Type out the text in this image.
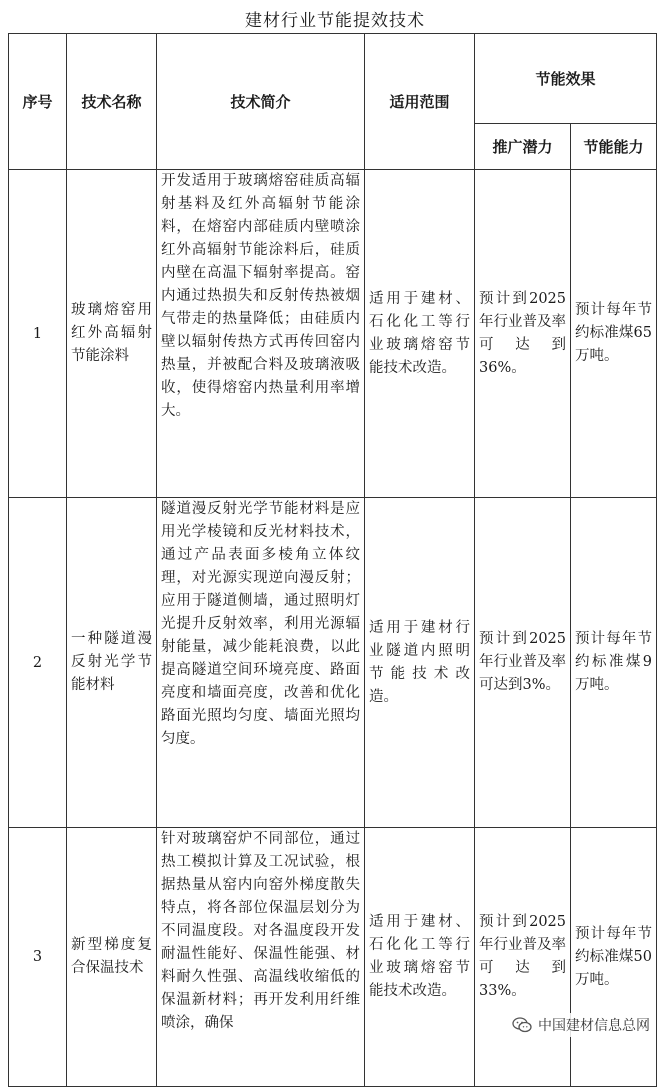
建材行业节能提效技术
序号	技术名称	技术简介	适用范围	节能效果	
				推广潜力	节能能力
1	玻璃熔窑用红外高辐射节能涂料	开发适用于玻璃熔窑硅质高辐射基料及红外高辐射节能涂料，在熔窑内部硅质内壁喷涂红外高辐射节能涂料后，硅质内壁在高温下辐射率提高。窑内通过热损失和反射传热被烟气带走的热量降低；由硅质内壁以辐射传热方式再传回窑内热量，并被配合料及玻璃液吸收，使得熔窑内热量利用率增大。	适用于建材、石化化工等行业玻璃熔窑节能技术改造。	预计到2025年行业普及率可达到36%。	预计每年节约标准煤65万吨。
2	一种隧道漫反射光学节能材料	隧道漫反射光学节能材料是应用光学棱镜和反光材料技术，通过产品表面多棱角立体纹理，对光源实现逆向漫反射；应用于隧道侧墙，通过照明灯光提升反射效率，利用光源辐射能量，减少能耗浪费，以此提高隧道空间环境亮度、路面亮度和墙面亮度，改善和优化路面光照均匀度、墙面光照均匀度。	适用于建材行业隧道内照明节能技术改造。	预计到2025年行业普及率可达到3%。	预计每年节约标准煤9万吨。
3	新型梯度复合保温技术	针对玻璃窑炉不同部位，通过热工模拟计算及工况试验，根据热量从窑内向窑外梯度散失特点，将各部位保温层划分为不同温度段。对各温度段开发耐温性能好、保温性能强、材料耐久性强、高温线收缩低的保温新材料；再开发利用纤维喷涂，确保	适用于建材、石化化工等行业玻璃熔窑节能技术改造。	预计到2025年行业普及率可达到33%。	预计每年节约标准煤50万吨。
中国建材信息总网
